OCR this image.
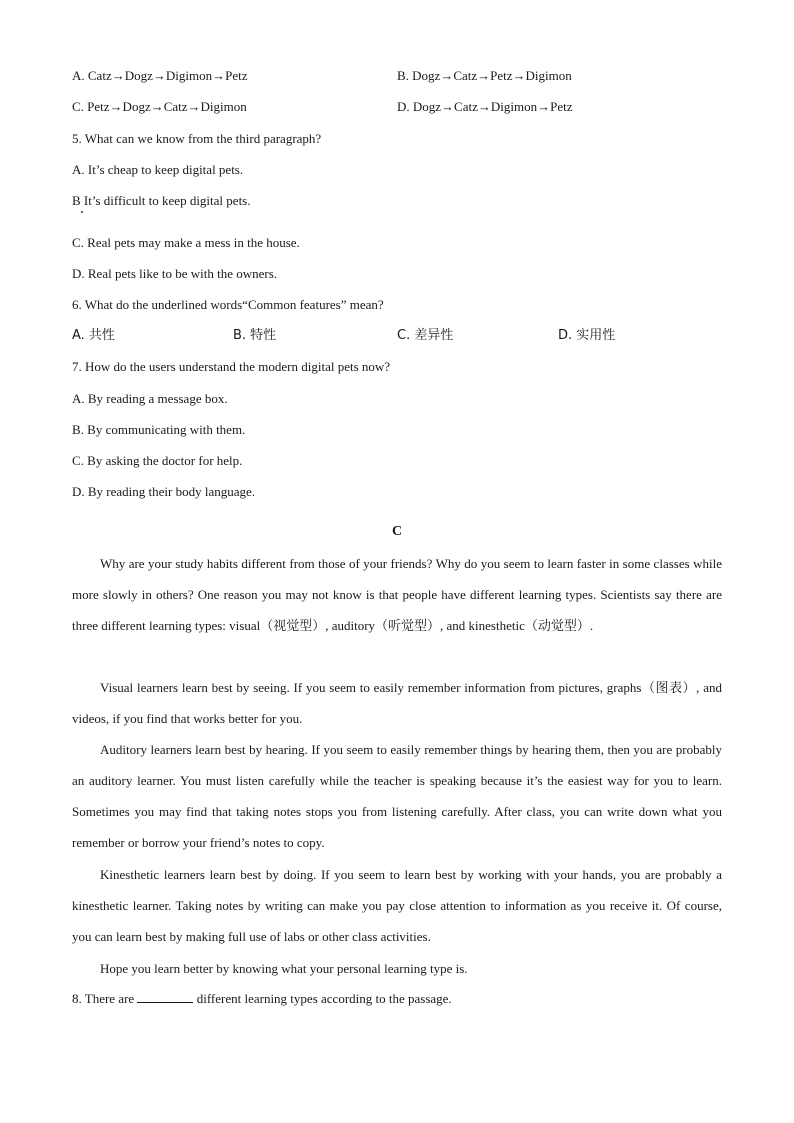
A. Catz→Dogz→Digimon→Petz	B. Dogz→Catz→Petz→Digimon
C. Petz→Dogz→Catz→Digimon	D. Dogz→Catz→Digimon→Petz
5. What can we know from the third paragraph?
A. It’s cheap to keep digital pets.
B It’s difficult to keep digital pets.
C. Real pets may make a mess in the house.
D. Real pets like to be with the owners.
6. What do the underlined words“Common features” mean?
A. 共性	B. 特性	C. 差异性	D. 实用性
7. How do the users understand the modern digital pets now?
A. By reading a message box.
B. By communicating with them.
C. By asking the doctor for help.
D. By reading their body language.
C
Why are your study habits different from those of your friends? Why do you seem to learn faster in some classes while more slowly in others? One reason you may not know is that people have different learning types. Scientists say there are three different learning types: visual（视觉型）, auditory（听觉型）, and kinesthetic（动觉型）.
Visual learners learn best by seeing. If you seem to easily remember information from pictures, graphs（图表）, and videos, if you find that works better for you.
Auditory learners learn best by hearing. If you seem to easily remember things by hearing them, then you are probably an auditory learner. You must listen carefully while the teacher is speaking because it’s the easiest way for you to learn. Sometimes you may find that taking notes stops you from listening carefully. After class, you can write down what you remember or borrow your friend’s notes to copy.
Kinesthetic learners learn best by doing. If you seem to learn best by working with your hands, you are probably a kinesthetic learner. Taking notes by writing can make you pay close attention to information as you receive it. Of course, you can learn best by making full use of labs or other class activities.
Hope you learn better by knowing what your personal learning type is.
8. There are	different learning types according to the passage.
